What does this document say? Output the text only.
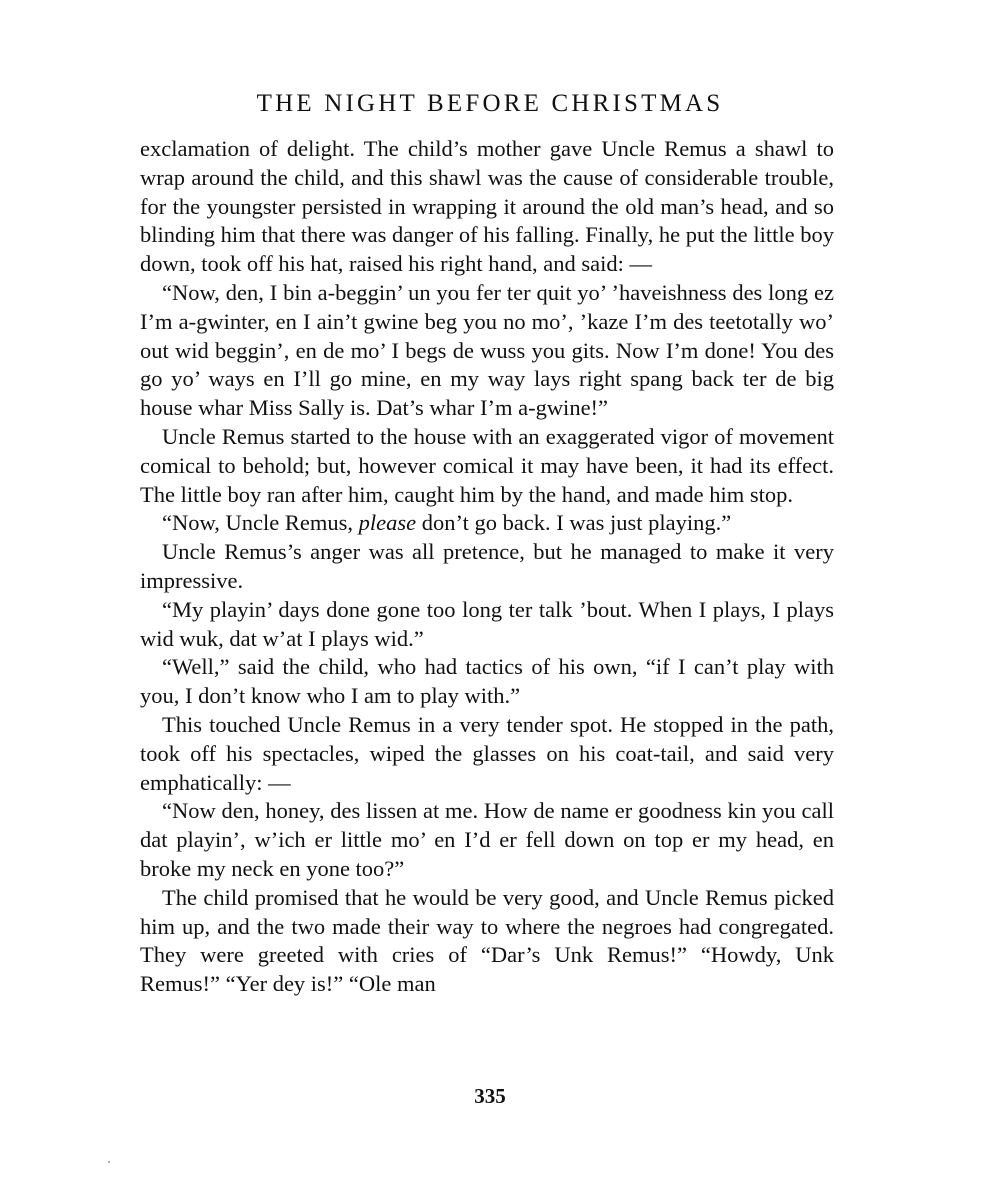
THE NIGHT BEFORE CHRISTMAS

exclamation of delight. The child’s mother gave Uncle Remus a shawl to wrap around the child, and this shawl was the cause of considerable trouble, for the youngster persisted in wrapping it around the old man’s head, and so blinding him that there was danger of his falling. Finally, he put the little boy down, took off his hat, raised his right hand, and said: —

“Now, den, I bin a-beggin’ un you fer ter quit yo’ ’haveishness des long ez I’m a-gwinter, en I ain’t gwine beg you no mo’, ’kaze I’m des teetotally wo’ out wid beggin’, en de mo’ I begs de wuss you gits. Now I’m done! You des go yo’ ways en I’ll go mine, en my way lays right spang back ter de big house whar Miss Sally is. Dat’s whar I’m a-gwine!”

Uncle Remus started to the house with an exaggerated vigor of movement comical to behold; but, however comical it may have been, it had its effect. The little boy ran after him, caught him by the hand, and made him stop.

“Now, Uncle Remus, please don’t go back. I was just playing.”

Uncle Remus’s anger was all pretence, but he managed to make it very impressive.

“My playin’ days done gone too long ter talk ’bout. When I plays, I plays wid wuk, dat w’at I plays wid.”

“Well,” said the child, who had tactics of his own, “if I can’t play with you, I don’t know who I am to play with.”

This touched Uncle Remus in a very tender spot. He stopped in the path, took off his spectacles, wiped the glasses on his coat-tail, and said very emphatically: —

“Now den, honey, des lissen at me. How de name er goodness kin you call dat playin’, w’ich er little mo’ en I’d er fell down on top er my head, en broke my neck en yone too?”

The child promised that he would be very good, and Uncle Remus picked him up, and the two made their way to where the negroes had congregated. They were greeted with cries of “Dar’s Unk Remus!” “Howdy, Unk Remus!” “Yer dey is!” “Ole man

335
